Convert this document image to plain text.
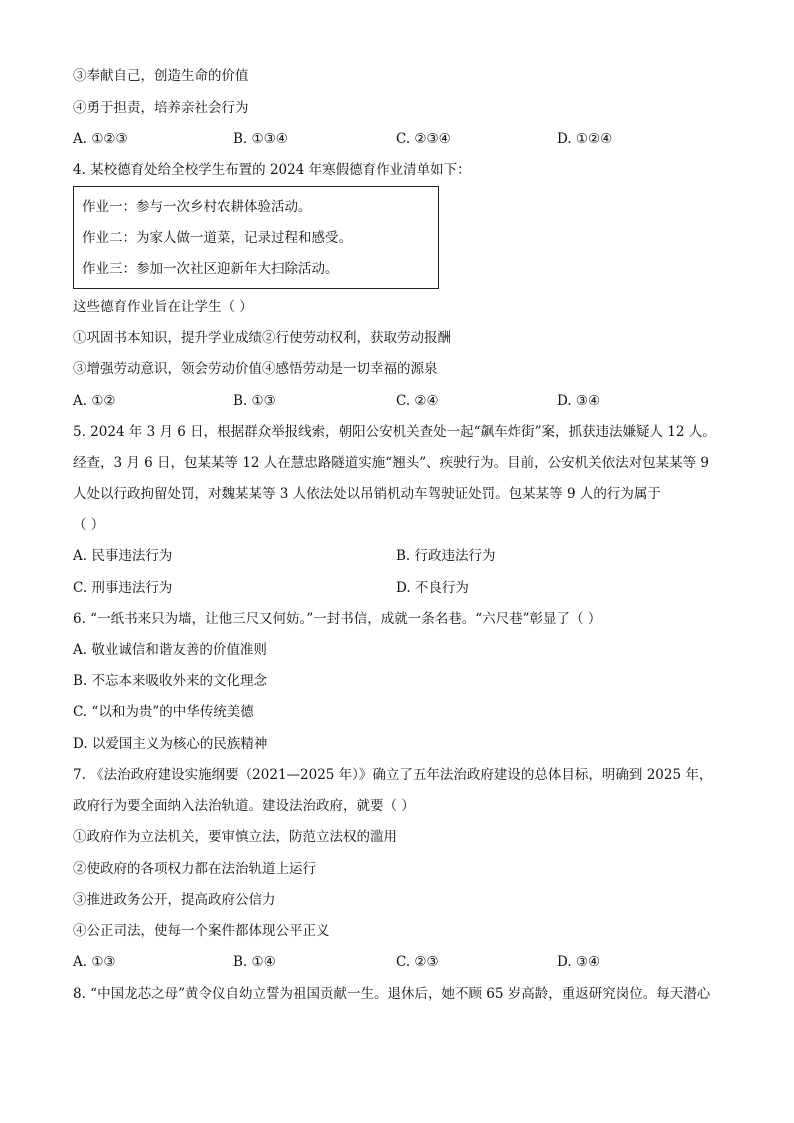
③奉献自己，创造生命的价值
④勇于担责，培养亲社会行为
A. ①②③	B. ①③④	C. ②③④	D. ①②④
4. 某校德育处给全校学生布置的 2024 年寒假德育作业清单如下：
作业一：参与一次乡村农耕体验活动。
作业二：为家人做一道菜，记录过程和感受。
作业三：参加一次社区迎新年大扫除活动。
这些德育作业旨在让学生（ ）
①巩固书本知识，提升学业成绩②行使劳动权利，获取劳动报酬
③增强劳动意识，领会劳动价值④感悟劳动是一切幸福的源泉
A. ①②	B. ①③	C. ②④	D. ③④
5. 2024 年 3 月 6 日，根据群众举报线索，朝阳公安机关查处一起“飙车炸街”案，抓获违法嫌疑人 12 人。
经查，3 月 6 日，包某某等 12 人在慧忠路隧道实施“翘头”、疾驶行为。目前，公安机关依法对包某某等 9
人处以行政拘留处罚，对魏某某等 3 人依法处以吊销机动车驾驶证处罚。包某某等 9 人的行为属于
（ ）
A. 民事违法行为	B. 行政违法行为
C. 刑事违法行为	D. 不良行为
6. “一纸书来只为墙，让他三尺又何妨。”一封书信，成就一条名巷。“六尺巷”彰显了（ ）
A. 敬业诚信和谐友善的价值准则
B. 不忘本来吸收外来的文化理念
C. “以和为贵”的中华传统美德
D. 以爱国主义为核心的民族精神
7. 《法治政府建设实施纲要（2021—2025 年）》确立了五年法治政府建设的总体目标，明确到 2025 年，
政府行为要全面纳入法治轨道。建设法治政府，就要（ ）
①政府作为立法机关，要审慎立法，防范立法权的滥用
②使政府的各项权力都在法治轨道上运行
③推进政务公开，提高政府公信力
④公正司法，使每一个案件都体现公平正义
A. ①③	B. ①④	C. ②③	D. ③④
8. “中国龙芯之母”黄令仪自幼立誓为祖国贡献一生。退休后，她不顾 65 岁高龄，重返研究岗位。每天潜心
